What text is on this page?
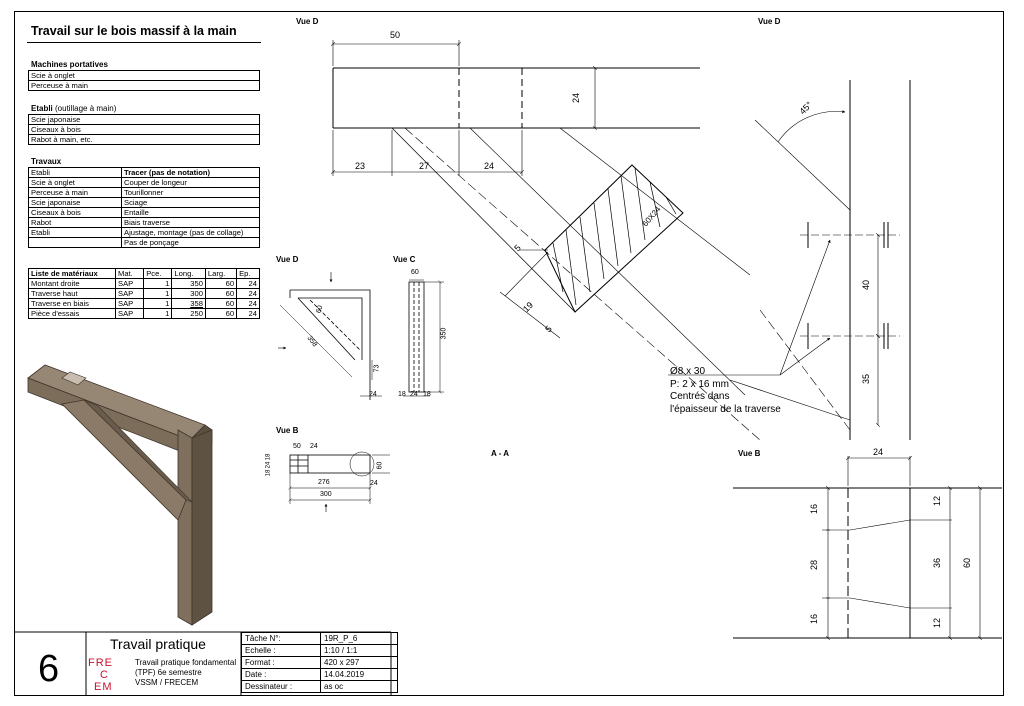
Travail sur le bois massif à la main
Machines portatives
Scie à onglet
Perceuse à main
Etabli (outillage à main)
Scie japonaise
Ciseaux à bois
Rabot à main, etc.
Travaux
Etabli	Tracer (pas de notation)
Scie à onglet	Couper de longeur
Perceuse à main	Tourillonner
Scie japonaise	Sciage
Ciseaux à bois	Entaille
Rabot	Biais traverse
Etabli	Ajustage, montage (pas de collage)
	Pas de ponçage
Liste de matériaux	Mat.	Pce.	Long.	Larg.	Ep.
Montant droite	SAP	1	350	60	24
Traverse haut	SAP	1	300	60	24
Traverse en biais	SAP	1	358	60	24
Pièce d'essais	SAP	1	250	60	24
Vue D	Vue D
Vue D	Vue C
Vue B
A - A	Vue B
50
24
23	27	24
60X24
5
19
5
45°
40
35
60
358
73
24
60
350
18 24 18
50 24
18
24
18
60
276	24
300
24
16
28
16
12
36
12
60
Ø8 x 30
P: 2 x 16 mm
Centrés dans
l'épaisseur de la traverse
6
Travail pratique
FRE
C
EM
Travail pratique fondamental
(TPF) 6e semestre
VSSM / FRECEM
Tâche N°:	19R_P_6
Echelle :	1:10 / 1:1
Format :	420 x 297
Date :	14.04.2019
Dessinateur :	as oc
